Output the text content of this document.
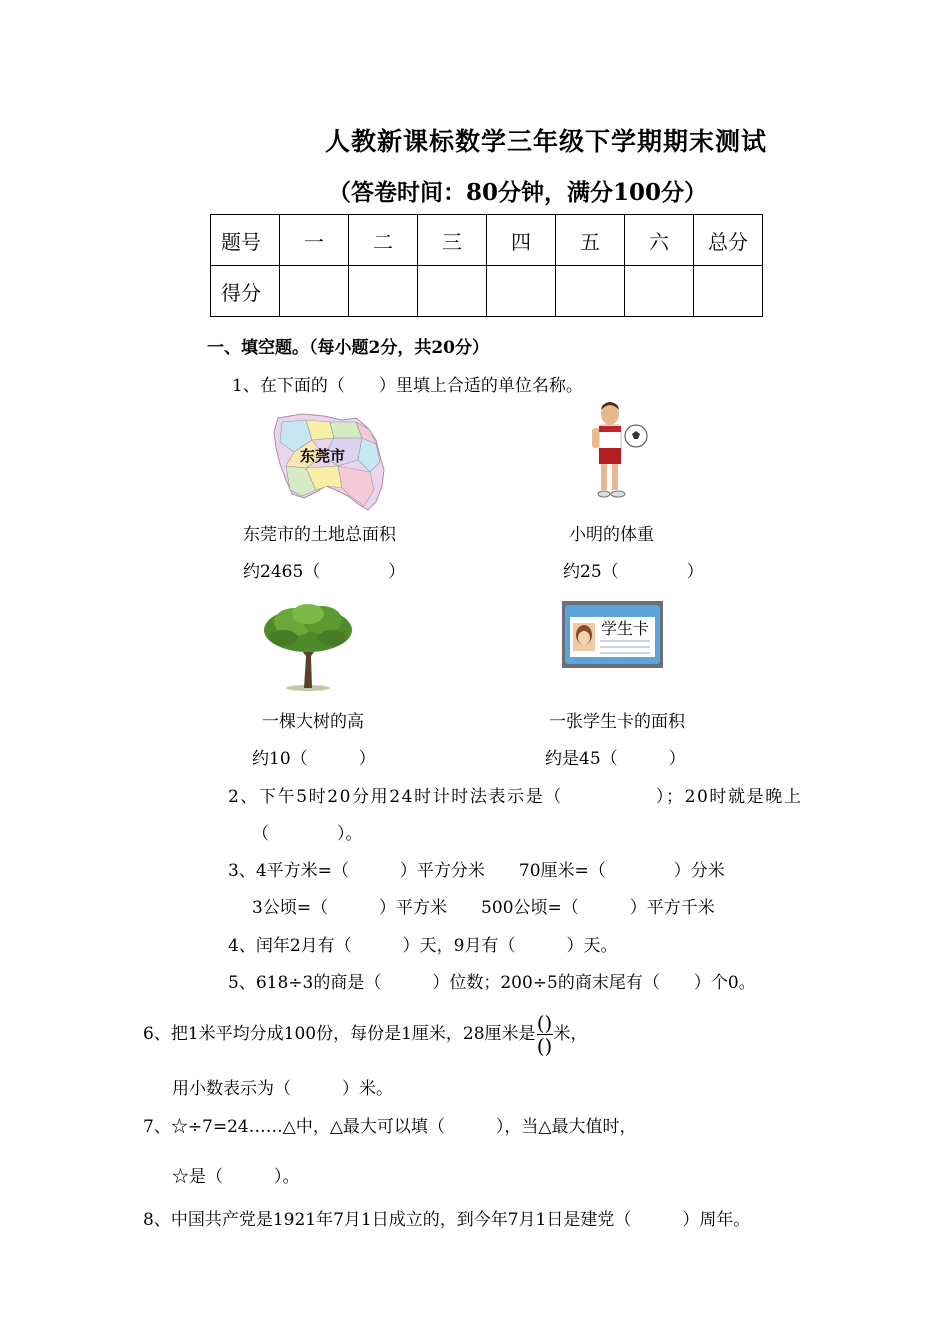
人教新课标数学三年级下学期期末测试
（答卷时间：80分钟，满分100分）
题号	一	二	三	四	五	六	总分
得分							
一、填空题。（每小题2分，共20分）
1、在下面的（　　）里填上合适的单位名称。
东莞市
东莞市的土地总面积	小明的体重
约2465（　　　　）	约25（　　　　）
学生卡
一棵大树的高	一张学生卡的面积
约10（　　　）	约是45（　　　）
2、下午5时20分用24时计时法表示是（　　　　　）；20时就是晚上
（　　　　）。
3、4平方米=（　　　）平方分米　　70厘米=（　　　　）分米
3公顷=（　　　）平方米　　500公顷=（　　　）平方千米
4、闰年2月有（　　　）天，9月有（　　　）天。
5、618÷3的商是（　　　）位数；200÷5的商末尾有（　　）个0。
6、把1米平均分成100份，每份是1厘米，28厘米是 $\frac{()}{()}$ 米，
用小数表示为（　　　）米。
7、☆÷7=24……△中，△最大可以填（　　　），当△最大值时，
☆是（　　　）。
8、中国共产党是1921年7月1日成立的，到今年7月1日是建党（　　　）周年。
